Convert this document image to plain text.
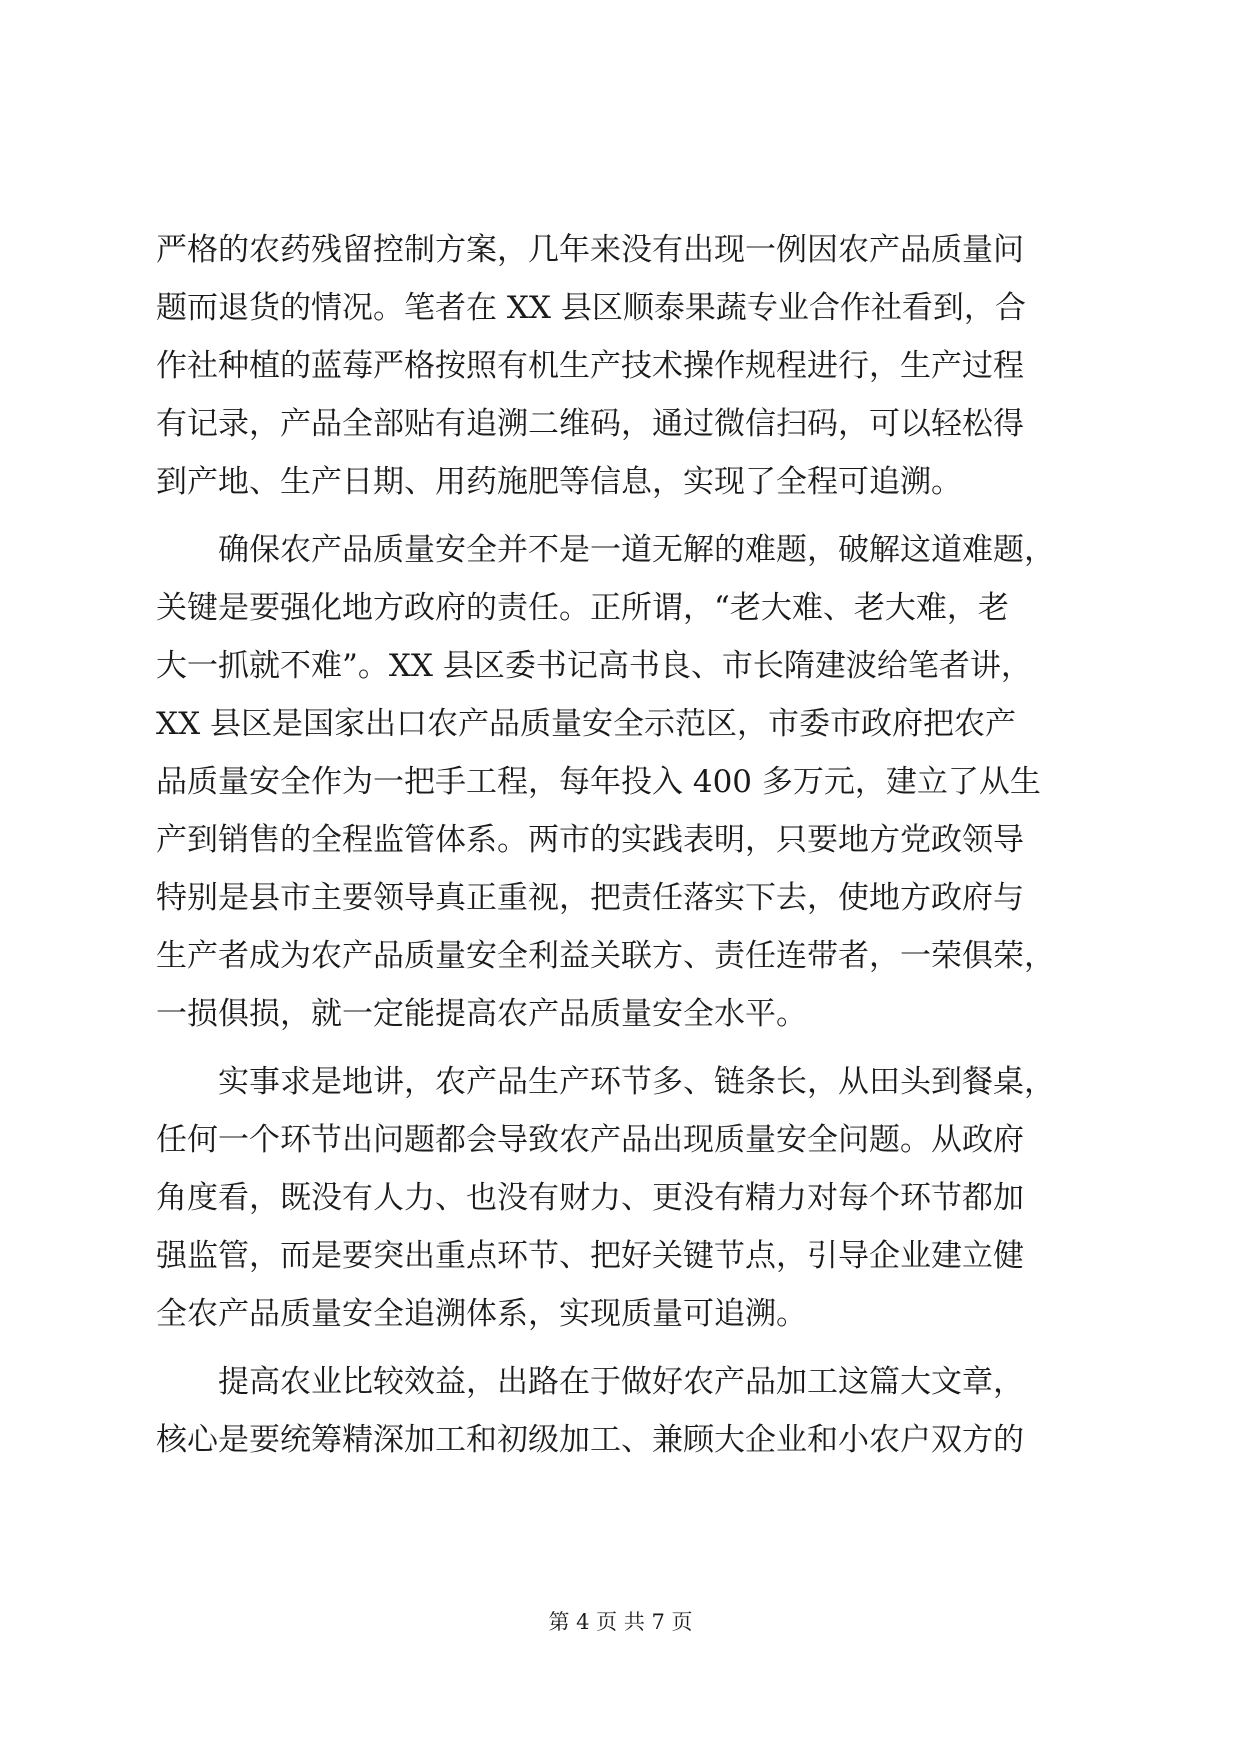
严格的农药残留控制方案，几年来没有出现一例因农产品质量问
题而退货的情况。笔者在 XX 县区顺泰果蔬专业合作社看到，合
作社种植的蓝莓严格按照有机生产技术操作规程进行，生产过程
有记录，产品全部贴有追溯二维码，通过微信扫码，可以轻松得
到产地、生产日期、用药施肥等信息，实现了全程可追溯。
　　确保农产品质量安全并不是一道无解的难题，破解这道难题，
关键是要强化地方政府的责任。正所谓，“老大难、老大难，老
大一抓就不难”。XX 县区委书记高书良、市长隋建波给笔者讲，
XX 县区是国家出口农产品质量安全示范区，市委市政府把农产
品质量安全作为一把手工程，每年投入 400 多万元，建立了从生
产到销售的全程监管体系。两市的实践表明，只要地方党政领导
特别是县市主要领导真正重视，把责任落实下去，使地方政府与
生产者成为农产品质量安全利益关联方、责任连带者，一荣俱荣，
一损俱损，就一定能提高农产品质量安全水平。
　　实事求是地讲，农产品生产环节多、链条长，从田头到餐桌，
任何一个环节出问题都会导致农产品出现质量安全问题。从政府
角度看，既没有人力、也没有财力、更没有精力对每个环节都加
强监管，而是要突出重点环节、把好关键节点，引导企业建立健
全农产品质量安全追溯体系，实现质量可追溯。
　　提高农业比较效益，出路在于做好农产品加工这篇大文章，
核心是要统筹精深加工和初级加工、兼顾大企业和小农户双方的
第 4 页 共 7 页
